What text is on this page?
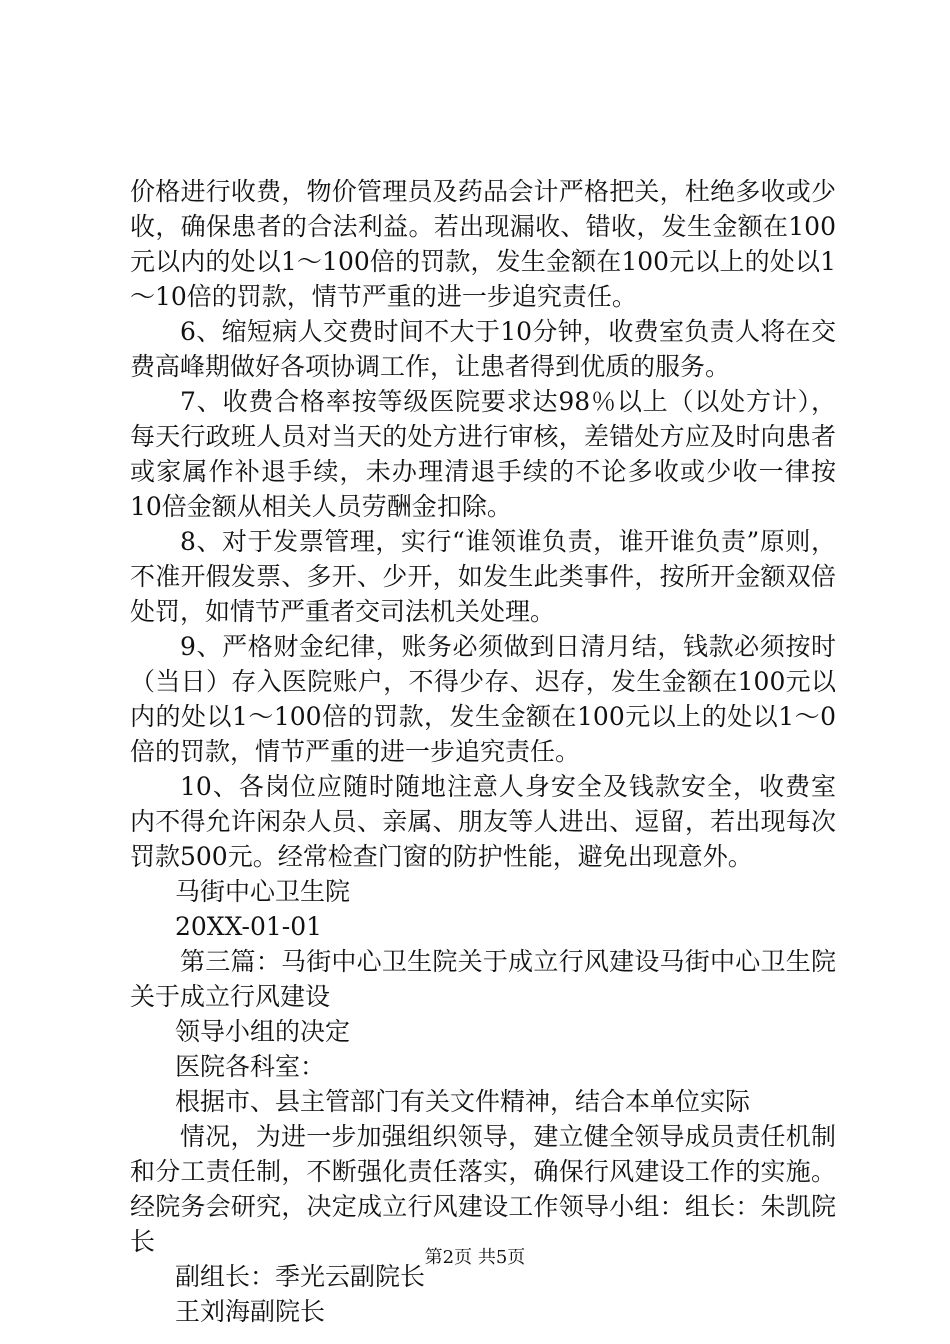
价格进行收费，物价管理员及药品会计严格把关，杜绝多收或少收，确保患者的合法利益。若出现漏收、错收，发生金额在100元以内的处以1～100倍的罚款，发生金额在100元以上的处以1～10倍的罚款，情节严重的进一步追究责任。

6、缩短病人交费时间不大于10分钟，收费室负责人将在交费高峰期做好各项协调工作，让患者得到优质的服务。

7、收费合格率按等级医院要求达98％以上（以处方计），每天行政班人员对当天的处方进行审核，差错处方应及时向患者或家属作补退手续，未办理清退手续的不论多收或少收一律按10倍金额从相关人员劳酬金扣除。

8、对于发票管理，实行“谁领谁负责，谁开谁负责”原则，不准开假发票、多开、少开，如发生此类事件，按所开金额双倍处罚，如情节严重者交司法机关处理。

9、严格财金纪律，账务必须做到日清月结，钱款必须按时（当日）存入医院账户，不得少存、迟存，发生金额在100元以内的处以1～100倍的罚款，发生金额在100元以上的处以1～0倍的罚款，情节严重的进一步追究责任。

10、各岗位应随时随地注意人身安全及钱款安全，收费室内不得允许闲杂人员、亲属、朋友等人进出、逗留，若出现每次罚款500元。经常检查门窗的防护性能，避免出现意外。

马街中心卫生院

20XX-01-01

第三篇：马街中心卫生院关于成立行风建设马街中心卫生院关于成立行风建设

领导小组的决定

医院各科室：

根据市、县主管部门有关文件精神，结合本单位实际

情况，为进一步加强组织领导，建立健全领导成员责任机制和分工责任制，不断强化责任落实，确保行风建设工作的实施。经院务会研究，决定成立行风建设工作领导小组：组长：朱凯院长

副组长：季光云副院长

王刘海副院长

第2页 共5页
